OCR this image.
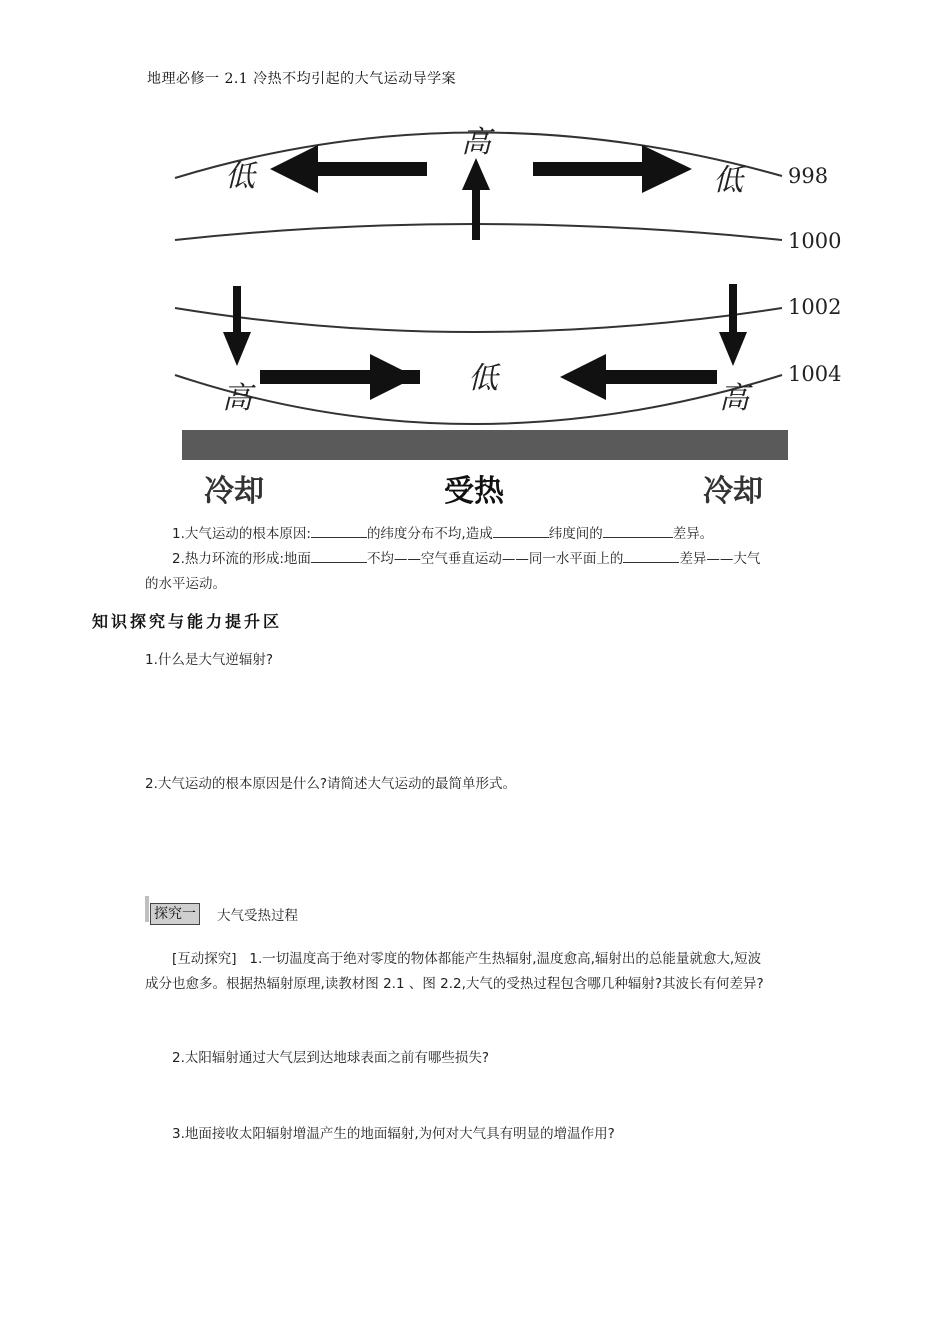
地理必修一 2.1 冷热不均引起的大气运动导学案
高
低	低
高
低
高
998
1000
1002
1004
冷却	受热	冷却
1.大气运动的根本原因:	的纬度分布不均,造成	纬度间的	差异。
2.热力环流的形成:地面	不均——空气垂直运动——同一水平面上的	差异——大气
的水平运动。
知识探究与能力提升区
1.什么是大气逆辐射?
2.大气运动的根本原因是什么?请简述大气运动的最简单形式。
探究一 大气受热过程
[互动探究] 1.一切温度高于绝对零度的物体都能产生热辐射,温度愈高,辐射出的总能量就愈大,短波
成分也愈多。根据热辐射原理,读教材图 2.1 、图 2.2,大气的受热过程包含哪几种辐射?其波长有何差异?
2.太阳辐射通过大气层到达地球表面之前有哪些损失?
3.地面接收太阳辐射增温产生的地面辐射,为何对大气具有明显的增温作用?
